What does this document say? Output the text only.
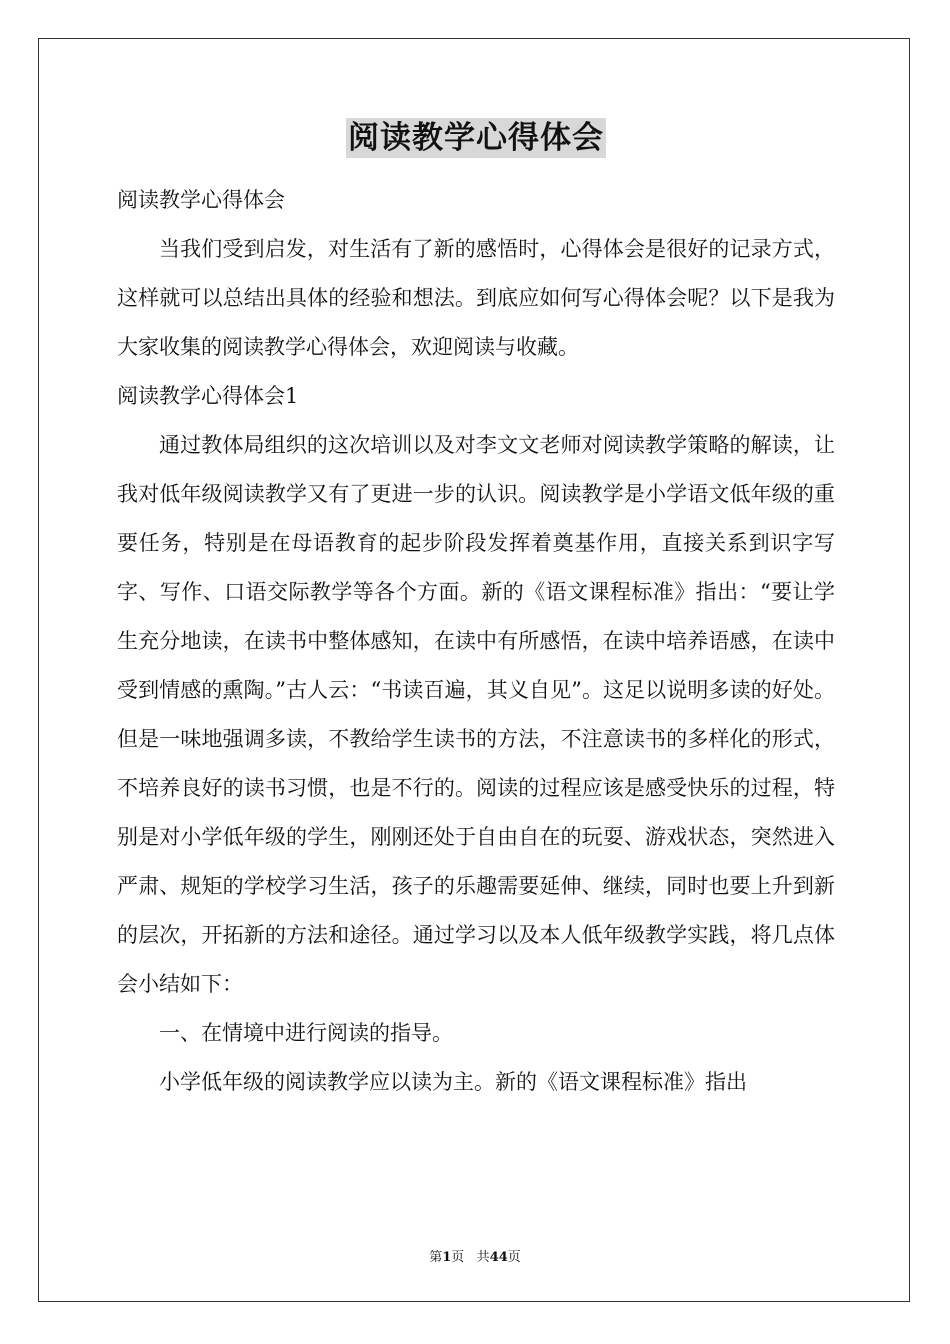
阅读教学心得体会

阅读教学心得体会

当我们受到启发，对生活有了新的感悟时，心得体会是很好的记录方式，这样就可以总结出具体的经验和想法。到底应如何写心得体会呢？以下是我为大家收集的阅读教学心得体会，欢迎阅读与收藏。

阅读教学心得体会1

通过教体局组织的这次培训以及对李文文老师对阅读教学策略的解读，让我对低年级阅读教学又有了更进一步的认识。阅读教学是小学语文低年级的重要任务，特别是在母语教育的起步阶段发挥着奠基作用，直接关系到识字写字、写作、口语交际教学等各个方面。新的《语文课程标准》指出：“要让学生充分地读，在读书中整体感知，在读中有所感悟，在读中培养语感，在读中受到情感的熏陶。”古人云：“书读百遍，其义自见”。这足以说明多读的好处。但是一味地强调多读，不教给学生读书的方法，不注意读书的多样化的形式，不培养良好的读书习惯，也是不行的。阅读的过程应该是感受快乐的过程，特别是对小学低年级的学生，刚刚还处于自由自在的玩耍、游戏状态，突然进入严肃、规矩的学校学习生活，孩子的乐趣需要延伸、继续，同时也要上升到新的层次，开拓新的方法和途径。通过学习以及本人低年级教学实践，将几点体会小结如下：

一、在情境中进行阅读的指导。

小学低年级的阅读教学应以读为主。新的《语文课程标准》指出

第1页 共44页
